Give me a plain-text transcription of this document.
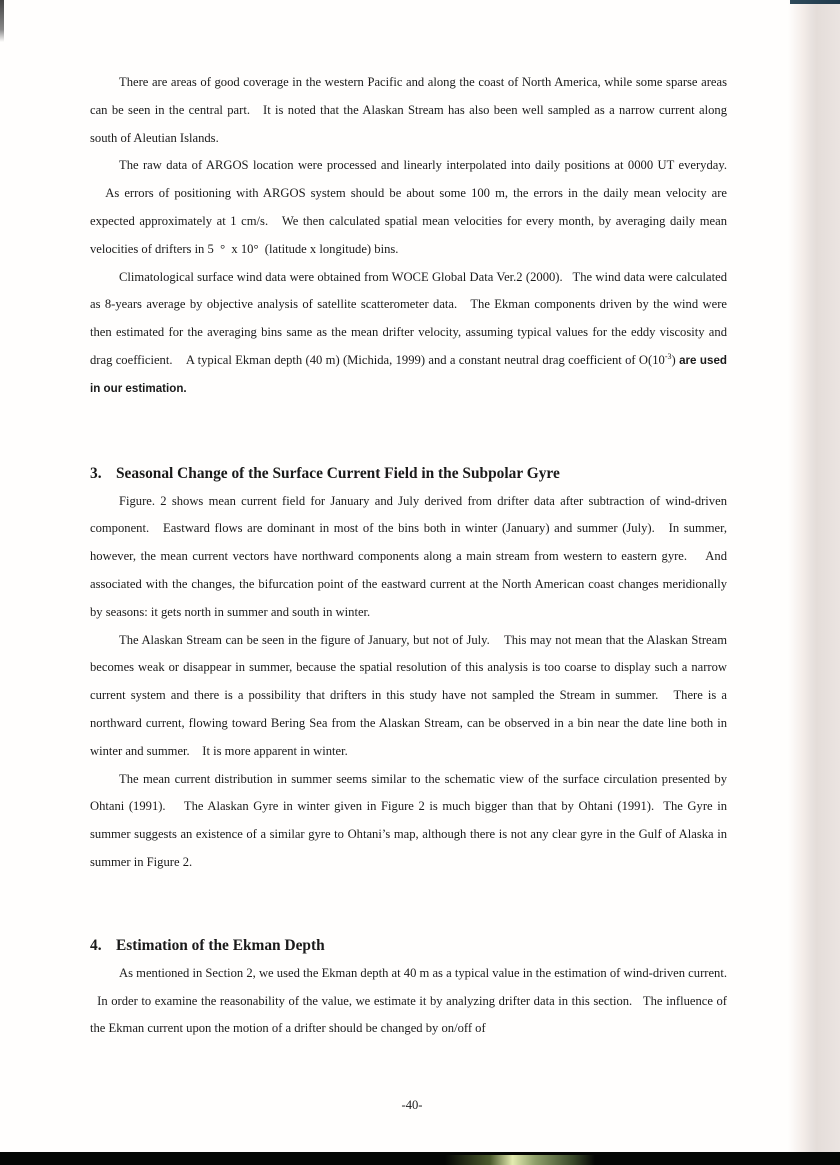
There are areas of good coverage in the western Pacific and along the coast of North America, while some sparse areas can be seen in the central part.   It is noted that the Alaskan Stream has also been well sampled as a narrow current along south of Aleutian Islands.

The raw data of ARGOS location were processed and linearly interpolated into daily positions at 0000 UT everyday.    As errors of positioning with ARGOS system should be about some 100 m, the errors in the daily mean velocity are expected approximately at 1 cm/s.   We then calculated spatial mean velocities for every month, by averaging daily mean velocities of drifters in 5  °  x 10°  (latitude x longitude) bins.

Climatological surface wind data were obtained from WOCE Global Data Ver.2 (2000).   The wind data were calculated as 8-years average by objective analysis of satellite scatterometer data.   The Ekman components driven by the wind were then estimated for the averaging bins same as the mean drifter velocity, assuming typical values for the eddy viscosity and drag coefficient.    A typical Ekman depth (40 m) (Michida, 1999) and a constant neutral drag coefficient of $O(10^{-3})$ are used in our estimation.

3. Seasonal Change of the Surface Current Field in the Subpolar Gyre

Figure. 2 shows mean current field for January and July derived from drifter data after subtraction of wind-driven component.   Eastward flows are dominant in most of the bins both in winter (January) and summer (July).   In summer, however, the mean current vectors have northward components along a main stream from western to eastern gyre.    And associated with the changes, the bifurcation point of the eastward current at the North American coast changes meridionally by seasons: it gets north in summer and south in winter.

The Alaskan Stream can be seen in the figure of January, but not of July.    This may not mean that the Alaskan Stream becomes weak or disappear in summer, because the spatial resolution of this analysis is too coarse to display such a narrow current system and there is a possibility that drifters in this study have not sampled the Stream in summer.   There is a northward current, flowing toward Bering Sea from the Alaskan Stream, can be observed in a bin near the date line both in winter and summer.    It is more apparent in winter.

The mean current distribution in summer seems similar to the schematic view of the surface circulation presented by Ohtani (1991).    The Alaskan Gyre in winter given in Figure 2 is much bigger than that by Ohtani (1991).  The Gyre in summer suggests an existence of a similar gyre to Ohtani’s map, although there is not any clear gyre in the Gulf of Alaska in summer in Figure 2.

4. Estimation of the Ekman Depth

As mentioned in Section 2, we used the Ekman depth at 40 m as a typical value in the estimation of wind-driven current.   In order to examine the reasonability of the value, we estimate it by analyzing drifter data in this section.   The influence of the Ekman current upon the motion of a drifter should be changed by on/off of

-40-
